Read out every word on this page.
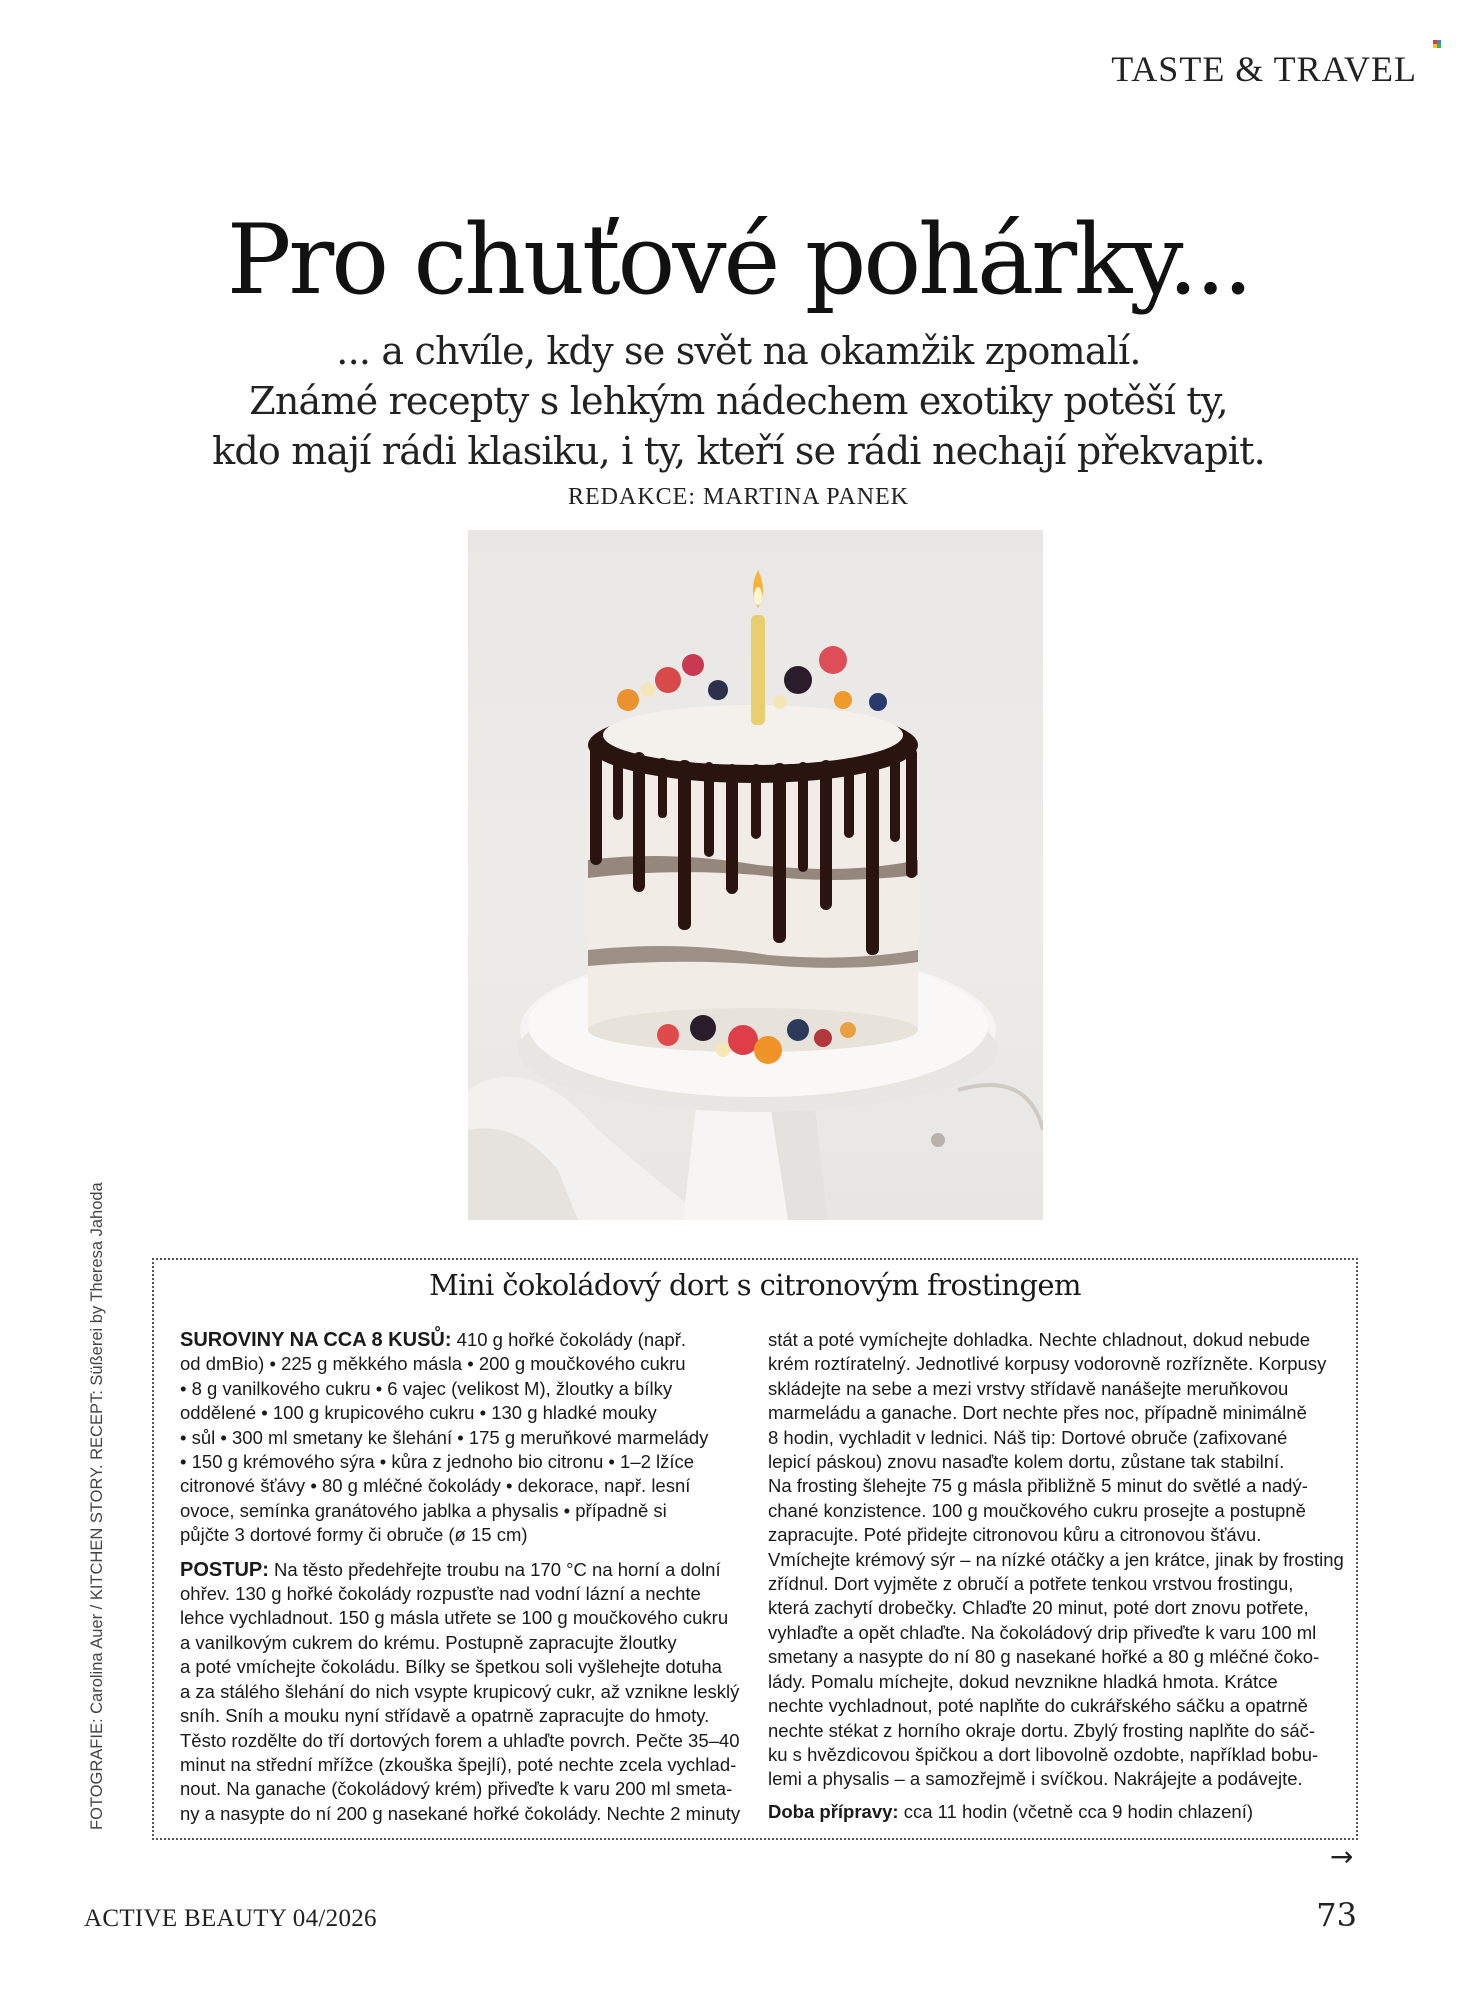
TASTE & TRAVEL
Pro chuťové pohárky...
... a chvíle, kdy se svět na okamžik zpomalí.
Známé recepty s lehkým nádechem exotiky potěší ty,
kdo mají rádi klasiku, i ty, kteří se rádi nechají překvapit.
REDAKCE: MARTINA PANEK
FOTOGRAFIE: Carolina Auer / KITCHEN STORY. RECEPT: Süßerei by Theresa Jahoda	Mini čokoládový dort s citronovým frostingem
SUROVINY NA CCA 8 KUSŮ: 410 g hořké čokolády (např.
od dmBio) • 225 g měkkého másla • 200 g moučkového cukru
• 8 g vanilkového cukru • 6 vajec (velikost M), žloutky a bílky
oddělené • 100 g krupicového cukru • 130 g hladké mouky
• sůl • 300 ml smetany ke šlehání • 175 g meruňkové marmelády
• 150 g krémového sýra • kůra z jednoho bio citronu • 1–2 lžíce
citronové šťávy • 80 g mléčné čokolády • dekorace, např. lesní
ovoce, semínka granátového jablka a physalis • případně si
půjčte 3 dortové formy či obruče (ø 15 cm)
POSTUP: Na těsto předehřejte troubu na 170 °C na horní a dolní
ohřev. 130 g hořké čokolády rozpusťte nad vodní lázní a nechte
lehce vychladnout. 150 g másla utřete se 100 g moučkového cukru
a vanilkovým cukrem do krému. Postupně zapracujte žloutky
a poté vmíchejte čokoládu. Bílky se špetkou soli vyšlehejte dotuha
a za stálého šlehání do nich vsypte krupicový cukr, až vznikne lesklý
sníh. Sníh a mouku nyní střídavě a opatrně zapracujte do hmoty.
Těsto rozdělte do tří dortových forem a uhlaďte povrch. Pečte 35–40
minut na střední mřížce (zkouška špejlí), poté nechte zcela vychlad-
nout. Na ganache (čokoládový krém) přiveďte k varu 200 ml smeta-
ny a nasypte do ní 200 g nasekané hořké čokolády. Nechte 2 minuty
stát a poté vymíchejte dohladka. Nechte chladnout, dokud nebude
krém roztíratelný. Jednotlivé korpusy vodorovně rozřízněte. Korpusy
skládejte na sebe a mezi vrstvy střídavě nanášejte meruňkovou
marmeládu a ganache. Dort nechte přes noc, případně minimálně
8 hodin, vychladit v lednici. Náš tip: Dortové obruče (zafixované
lepicí páskou) znovu nasaďte kolem dortu, zůstane tak stabilní.
Na frosting šlehejte 75 g másla přibližně 5 minut do světlé a nadý-
chané konzistence. 100 g moučkového cukru prosejte a postupně
zapracujte. Poté přidejte citronovou kůru a citronovou šťávu.
Vmíchejte krémový sýr – na nízké otáčky a jen krátce, jinak by frosting
zřídnul. Dort vyjměte z obručí a potřete tenkou vrstvou frostingu,
která zachytí drobečky. Chlaďte 20 minut, poté dort znovu potřete,
vyhlaďte a opět chlaďte. Na čokoládový drip přiveďte k varu 100 ml
smetany a nasypte do ní 80 g nasekané hořké a 80 g mléčné čoko-
lády. Pomalu míchejte, dokud nevznikne hladká hmota. Krátce
nechte vychladnout, poté naplňte do cukrářského sáčku a opatrně
nechte stékat z horního okraje dortu. Zbylý frosting naplňte do sáč-
ku s hvězdicovou špičkou a dort libovolně ozdobte, například bobu-
lemi a physalis – a samozřejmě i svíčkou. Nakrájejte a podávejte.
Doba přípravy: cca 11 hodin (včetně cca 9 hodin chlazení)
→
ACTIVE BEAUTY 04/2026	73
